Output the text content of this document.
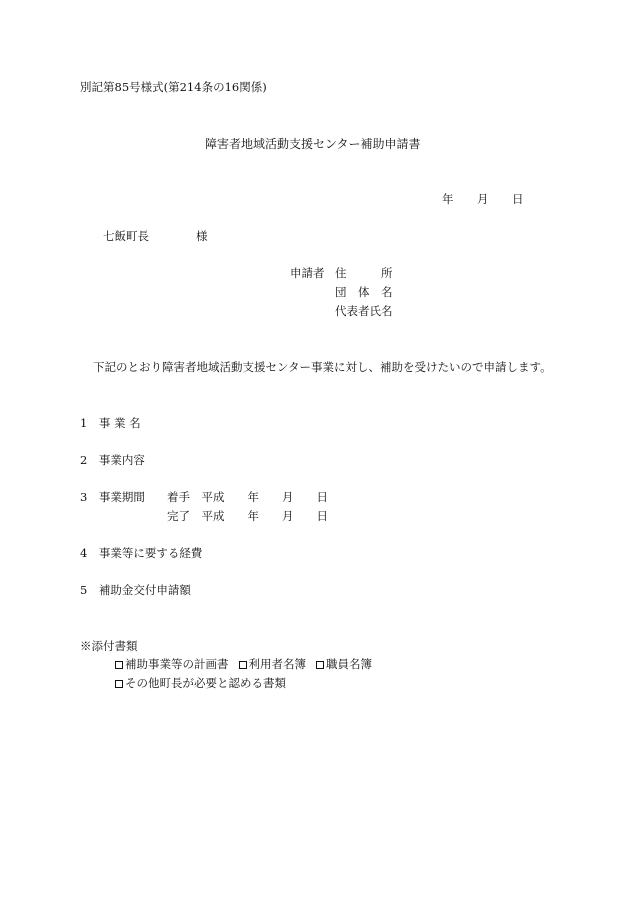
別記第85号様式(第214条の16関係)
障害者地域活動支援センター補助申請書
年 月 日
七飯町長	様
申請者 住　　　所
団　体　名
代表者氏名
下記のとおり障害者地域活動支援センター事業に対し、補助を受けたいので申請します。
1　事 業 名
2　事業内容
3　事業期間 着手　平成　　年　　月　　日
完了　平成　　年　　月　　日
4　事業等に要する経費
5　補助金交付申請額
※添付書類
補助事業等の計画書 利用者名簿 職員名簿
その他町長が必要と認める書類
